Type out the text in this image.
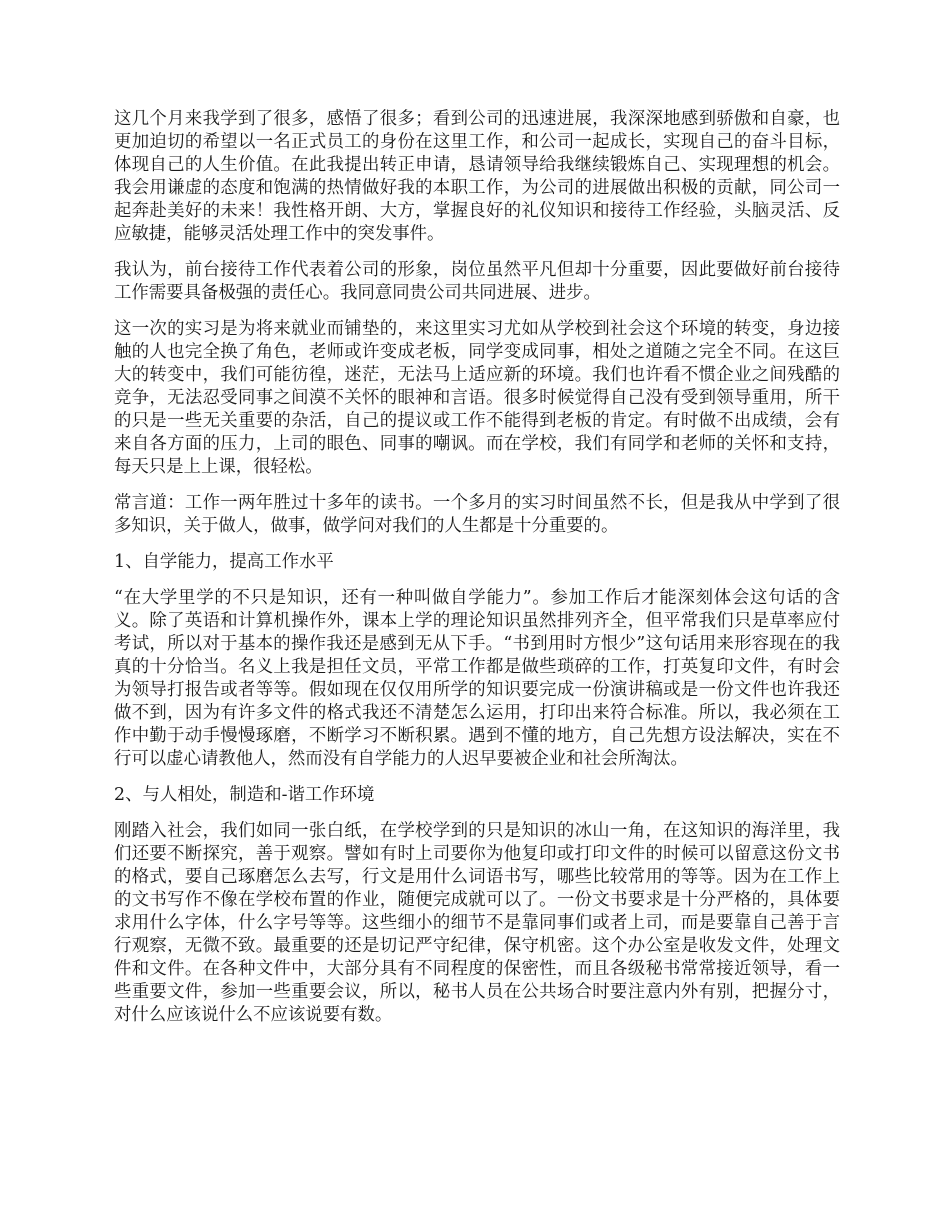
这几个月来我学到了很多，感悟了很多；看到公司的迅速进展，我深深地感到骄傲和自豪，也更加迫切的希望以一名正式员工的身份在这里工作，和公司一起成长，实现自己的奋斗目标，体现自己的人生价值。在此我提出转正申请，恳请领导给我继续锻炼自己、实现理想的机会。我会用谦虚的态度和饱满的热情做好我的本职工作，为公司的进展做出积极的贡献，同公司一起奔赴美好的未来！我性格开朗、大方，掌握良好的礼仪知识和接待工作经验，头脑灵活、反应敏捷，能够灵活处理工作中的突发事件。

我认为，前台接待工作代表着公司的形象，岗位虽然平凡但却十分重要，因此要做好前台接待工作需要具备极强的责任心。我同意同贵公司共同进展、进步。

这一次的实习是为将来就业而铺垫的，来这里实习尤如从学校到社会这个环境的转变，身边接触的人也完全换了角色，老师或许变成老板，同学变成同事，相处之道随之完全不同。在这巨大的转变中，我们可能彷徨，迷茫，无法马上适应新的环境。我们也许看不惯企业之间残酷的竞争，无法忍受同事之间漠不关怀的眼神和言语。很多时候觉得自己没有受到领导重用，所干的只是一些无关重要的杂活，自己的提议或工作不能得到老板的肯定。有时做不出成绩，会有来自各方面的压力，上司的眼色、同事的嘲讽。而在学校，我们有同学和老师的关怀和支持，每天只是上上课，很轻松。

常言道：工作一两年胜过十多年的读书。一个多月的实习时间虽然不长，但是我从中学到了很多知识，关于做人，做事，做学问对我们的人生都是十分重要的。

1、自学能力，提高工作水平

“在大学里学的不只是知识，还有一种叫做自学能力”。参加工作后才能深刻体会这句话的含义。除了英语和计算机操作外，课本上学的理论知识虽然排列齐全，但平常我们只是草率应付考试，所以对于基本的操作我还是感到无从下手。“书到用时方恨少”这句话用来形容现在的我真的十分恰当。名义上我是担任文员，平常工作都是做些琐碎的工作，打英复印文件，有时会为领导打报告或者等等。假如现在仅仅用所学的知识要完成一份演讲稿或是一份文件也许我还做不到，因为有许多文件的格式我还不清楚怎么运用，打印出来符合标准。所以，我必须在工作中勤于动手慢慢琢磨，不断学习不断积累。遇到不懂的地方，自己先想方设法解决，实在不行可以虚心请教他人，然而没有自学能力的人迟早要被企业和社会所淘汰。

2、与人相处，制造和-谐工作环境

刚踏入社会，我们如同一张白纸，在学校学到的只是知识的冰山一角，在这知识的海洋里，我们还要不断探究，善于观察。譬如有时上司要你为他复印或打印文件的时候可以留意这份文书的格式，要自己琢磨怎么去写，行文是用什么词语书写，哪些比较常用的等等。因为在工作上的文书写作不像在学校布置的作业，随便完成就可以了。一份文书要求是十分严格的，具体要求用什么字体，什么字号等等。这些细小的细节不是靠同事们或者上司，而是要靠自己善于言行观察，无微不致。最重要的还是切记严守纪律，保守机密。这个办公室是收发文件，处理文件和文件。在各种文件中，大部分具有不同程度的保密性，而且各级秘书常常接近领导，看一些重要文件，参加一些重要会议，所以，秘书人员在公共场合时要注意内外有别，把握分寸，对什么应该说什么不应该说要有数。
